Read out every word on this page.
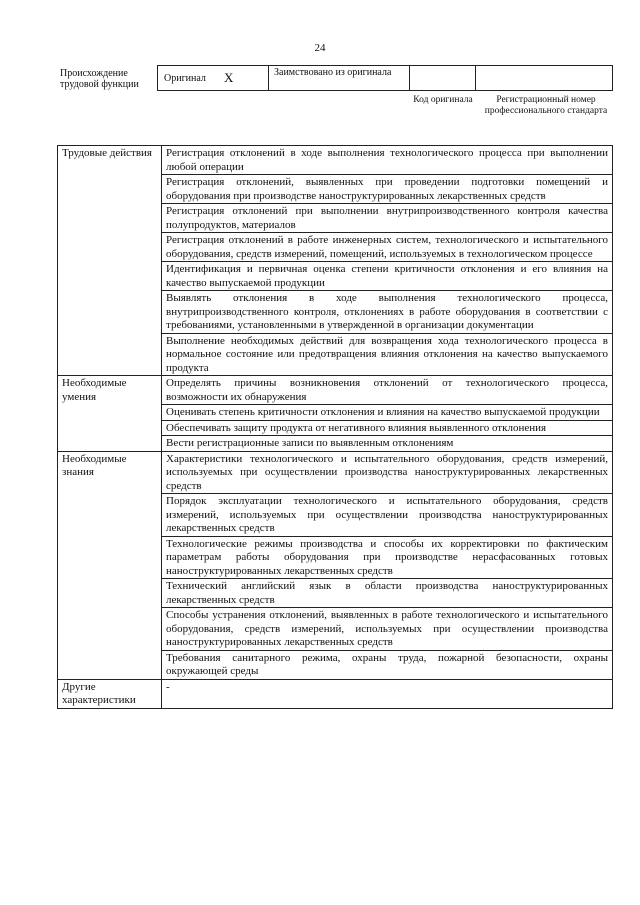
24
Происхождение трудовой функции
Оригинал X	Заимствовано из оригинала
Код оригинала	Регистрационный номер профессионального стандарта
Трудовые действия	Регистрация отклонений в ходе выполнения технологического процесса при выполнении любой операции
	Регистрация отклонений, выявленных при проведении подготовки помещений и оборудования при производстве наноструктурированных лекарственных средств
	Регистрация отклонений при выполнении внутрипроизводственного контроля качества полупродуктов, материалов
	Регистрация отклонений в работе инженерных систем, технологического и испытательного оборудования, средств измерений, помещений, используемых в технологическом процессе
	Идентификация и первичная оценка степени критичности отклонения и его влияния на качество выпускаемой продукции
	Выявлять отклонения в ходе выполнения технологического процесса, внутрипроизводственного контроля, отклонениях в работе оборудования в соответствии с требованиями, установленными в утвержденной в организации документации
	Выполнение необходимых действий для возвращения хода технологического процесса в нормальное состояние или предотвращения влияния отклонения на качество выпускаемого продукта
Необходимые умения	Определять причины возникновения отклонений от технологического процесса, возможности их обнаружения
	Оценивать степень критичности отклонения и влияния на качество выпускаемой продукции
	Обеспечивать защиту продукта от негативного влияния выявленного отклонения
	Вести регистрационные записи по выявленным отклонениям
Необходимые знания	Характеристики технологического и испытательного оборудования, средств измерений, используемых при осуществлении производства наноструктурированных лекарственных средств
	Порядок эксплуатации технологического и испытательного оборудования, средств измерений, используемых при осуществлении производства наноструктурированных лекарственных средств
	Технологические режимы производства и способы их корректировки по фактическим параметрам работы оборудования при производстве нерасфасованных готовых наноструктурированных лекарственных средств
	Технический английский язык в области производства наноструктурированных лекарственных средств
	Способы устранения отклонений, выявленных в работе технологического и испытательного оборудования, средств измерений, используемых при осуществлении производства наноструктурированных лекарственных средств
	Требования санитарного режима, охраны труда, пожарной безопасности, охраны окружающей среды
Другие характеристики	-
